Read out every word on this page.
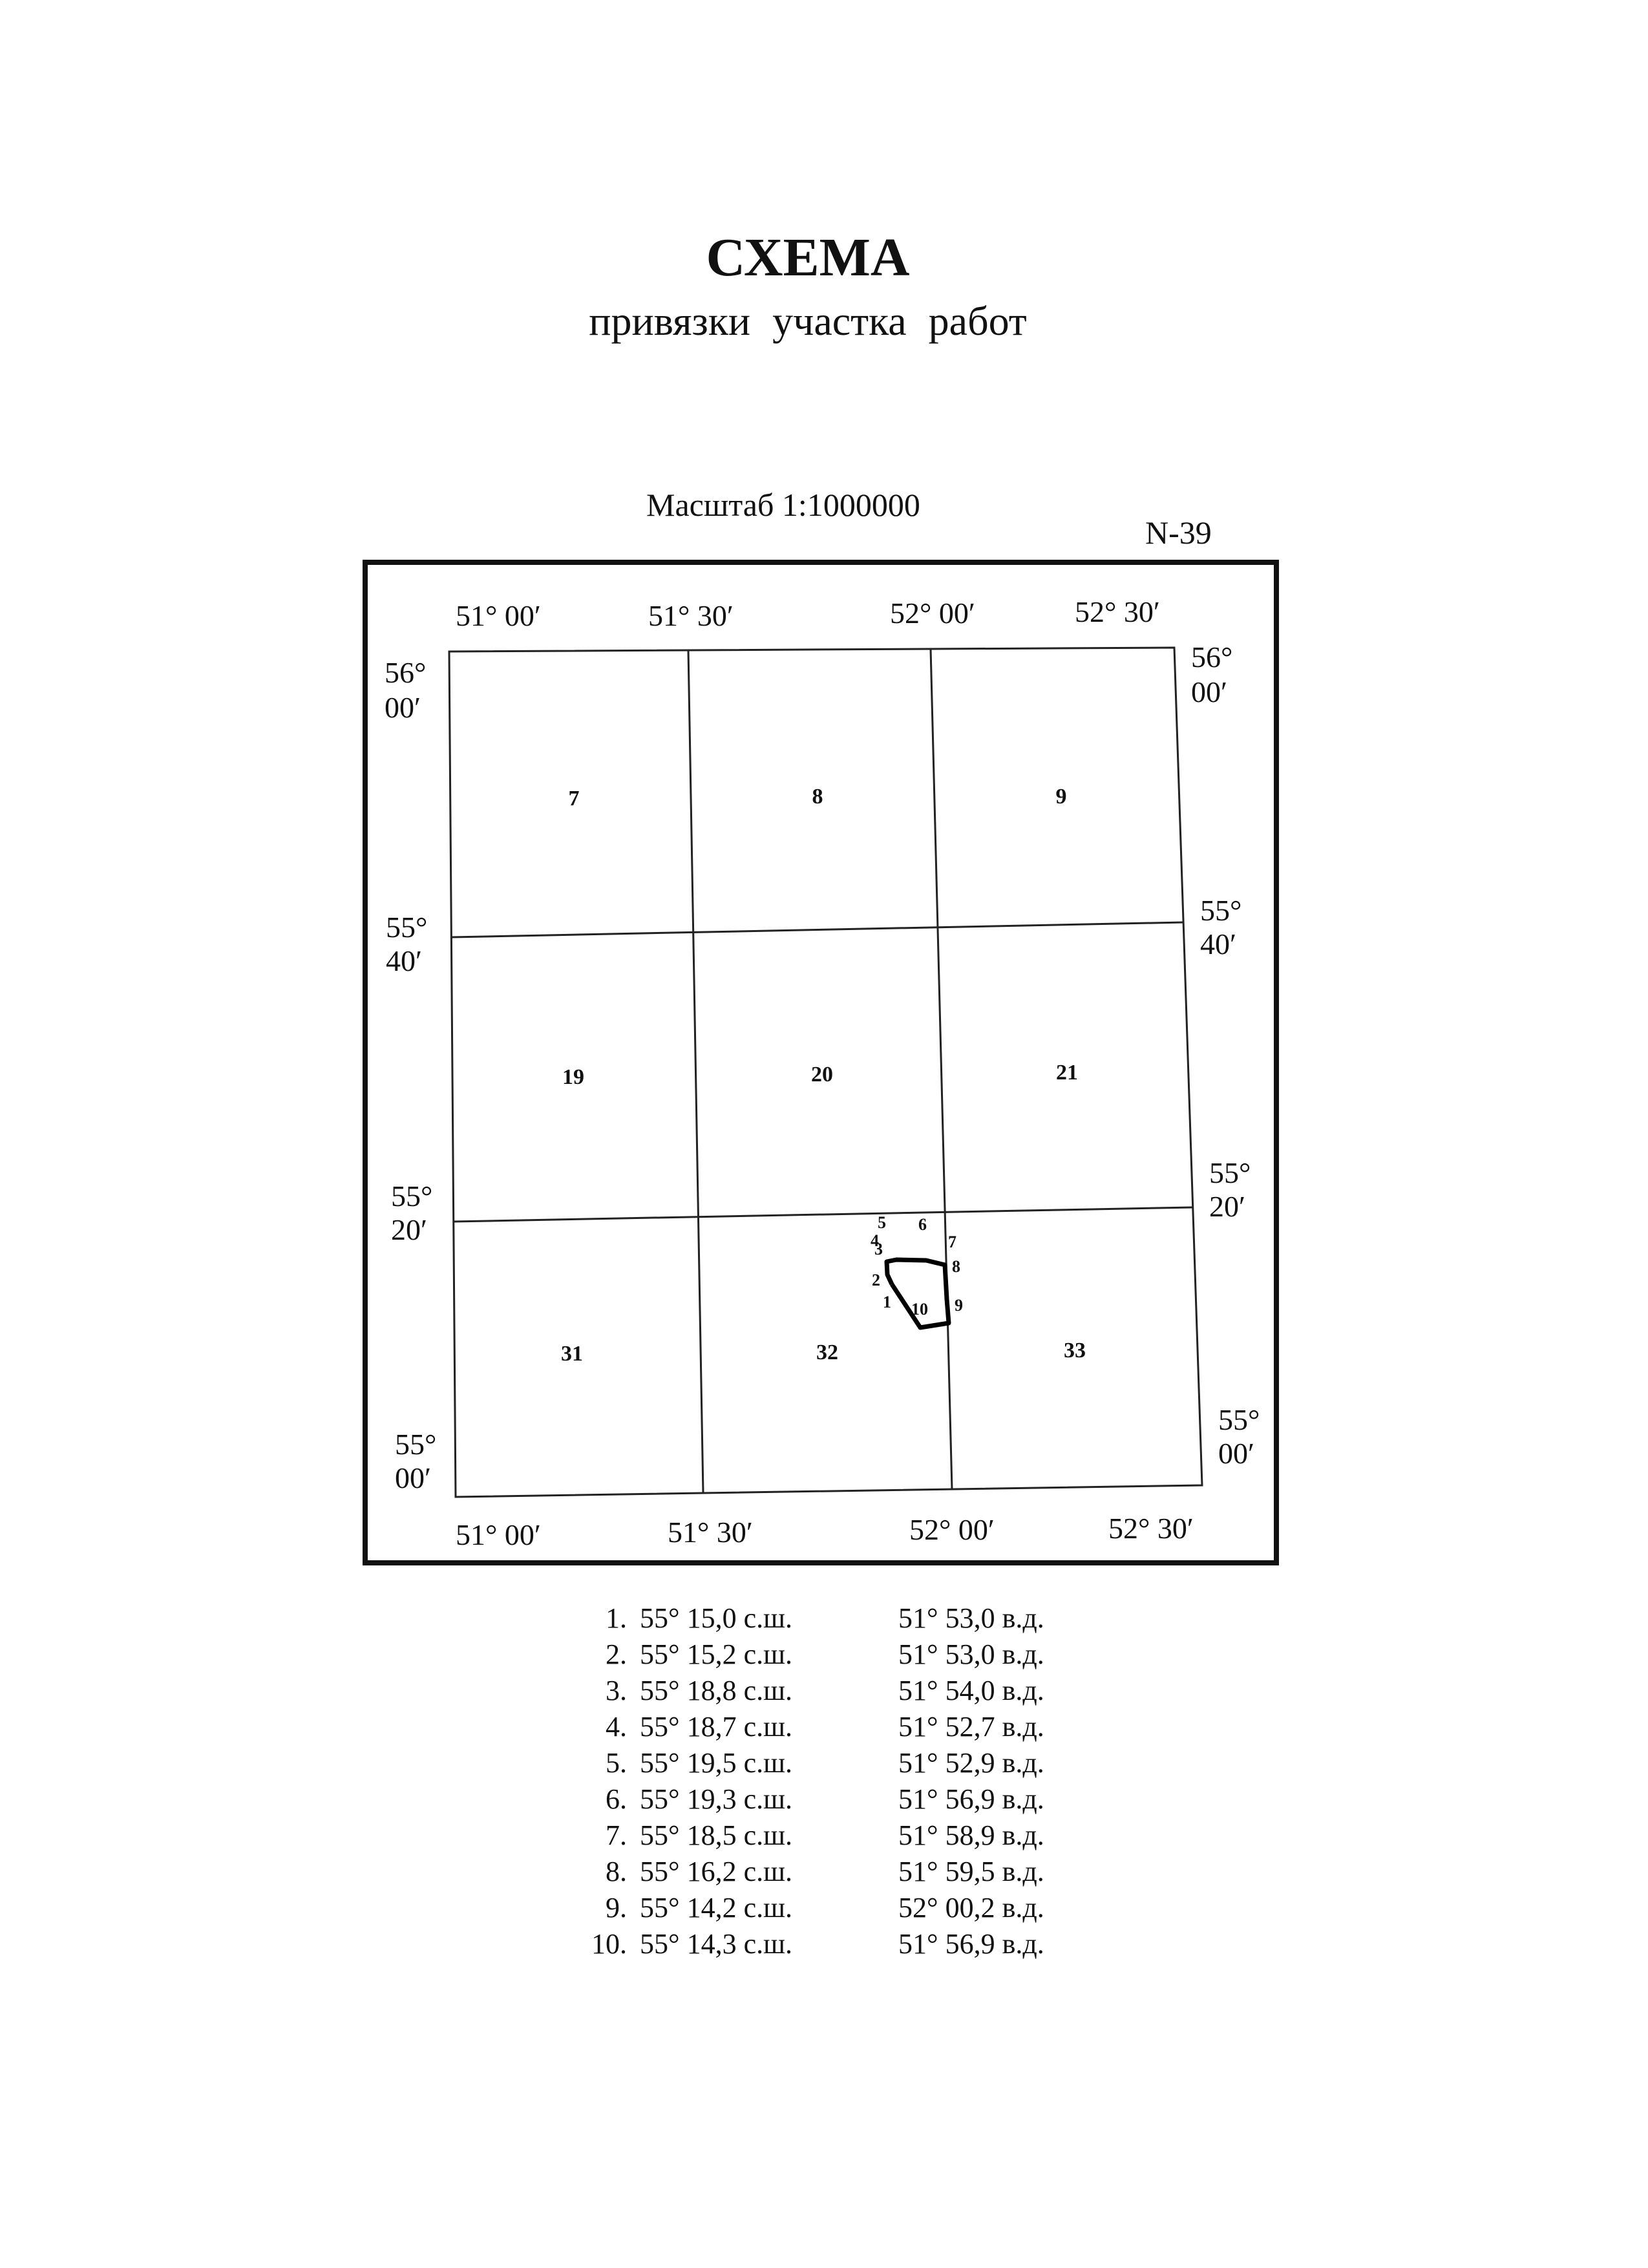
СХЕМА
привязки участка работ
Масштаб 1:1000000
N-39
51° 00′	51° 30′	52° 00′	52° 30′
51° 00′	51° 30′	52° 00′	52° 30′
56°
00′
55°
40′
55°
20′
55°
00′
56°
00′
55°
40′
55°
20′
55°
00′
7	8	9
19	20	21
31	32	33
1
2
3
4
5 6
7
8
9
10
1. 55° 15,0 с.ш.	51° 53,0 в.д.
2. 55° 15,2 с.ш.	51° 53,0 в.д.
3. 55° 18,8 с.ш.	51° 54,0 в.д.
4. 55° 18,7 с.ш.	51° 52,7 в.д.
5. 55° 19,5 с.ш.	51° 52,9 в.д.
6. 55° 19,3 с.ш.	51° 56,9 в.д.
7. 55° 18,5 с.ш.	51° 58,9 в.д.
8. 55° 16,2 с.ш.	51° 59,5 в.д.
9. 55° 14,2 с.ш.	52° 00,2 в.д.
10. 55° 14,3 с.ш.	51° 56,9 в.д.
